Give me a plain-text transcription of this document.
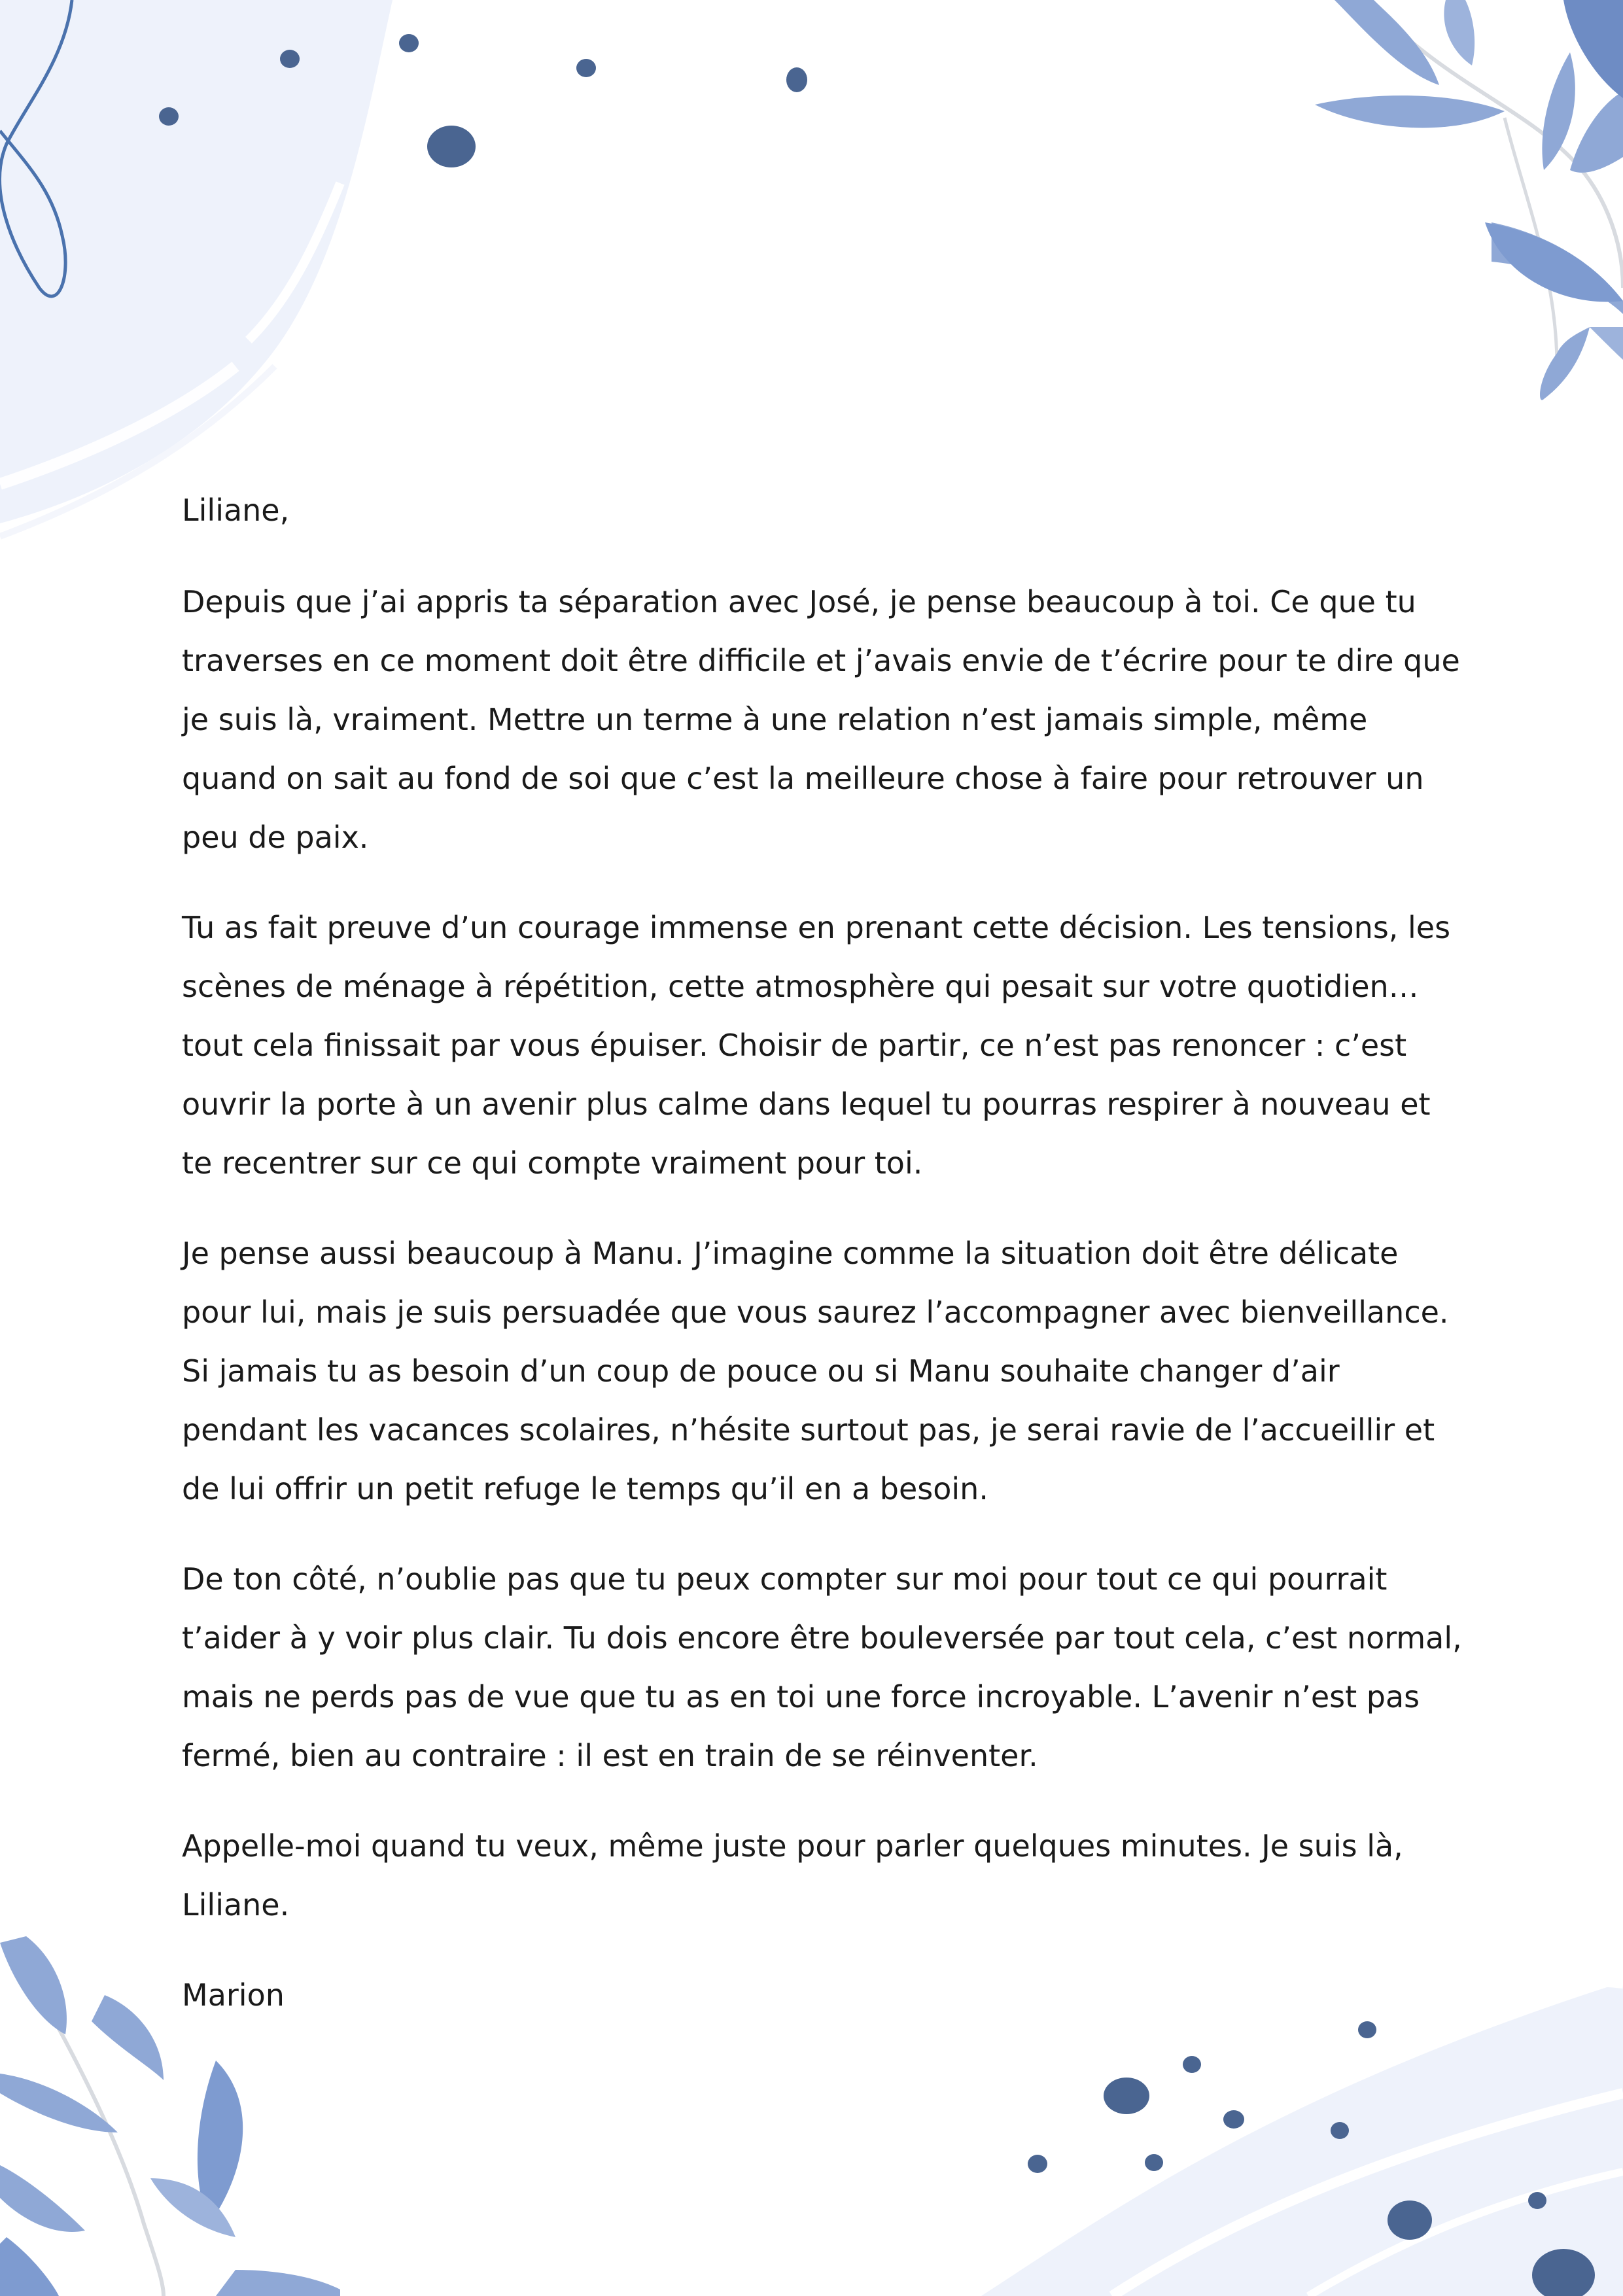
Liliane,

Depuis que j’ai appris ta séparation avec José, je pense beaucoup à toi. Ce que tu traverses en ce moment doit être difficile et j’avais envie de t’écrire pour te dire que je suis là, vraiment. Mettre un terme à une relation n’est jamais simple, même quand on sait au fond de soi que c’est la meilleure chose à faire pour retrouver un peu de paix.

Tu as fait preuve d’un courage immense en prenant cette décision. Les tensions, les scènes de ménage à répétition, cette atmosphère qui pesait sur votre quotidien… tout cela finissait par vous épuiser. Choisir de partir, ce n’est pas renoncer : c’est ouvrir la porte à un avenir plus calme dans lequel tu pourras respirer à nouveau et te recentrer sur ce qui compte vraiment pour toi.

Je pense aussi beaucoup à Manu. J’imagine comme la situation doit être délicate pour lui, mais je suis persuadée que vous saurez l’accompagner avec bienveillance. Si jamais tu as besoin d’un coup de pouce ou si Manu souhaite changer d’air pendant les vacances scolaires, n’hésite surtout pas, je serai ravie de l’accueillir et de lui offrir un petit refuge le temps qu’il en a besoin.

De ton côté, n’oublie pas que tu peux compter sur moi pour tout ce qui pourrait t’aider à y voir plus clair. Tu dois encore être bouleversée par tout cela, c’est normal, mais ne perds pas de vue que tu as en toi une force incroyable. L’avenir n’est pas fermé, bien au contraire : il est en train de se réinventer.

Appelle-moi quand tu veux, même juste pour parler quelques minutes. Je suis là, Liliane.

Marion
